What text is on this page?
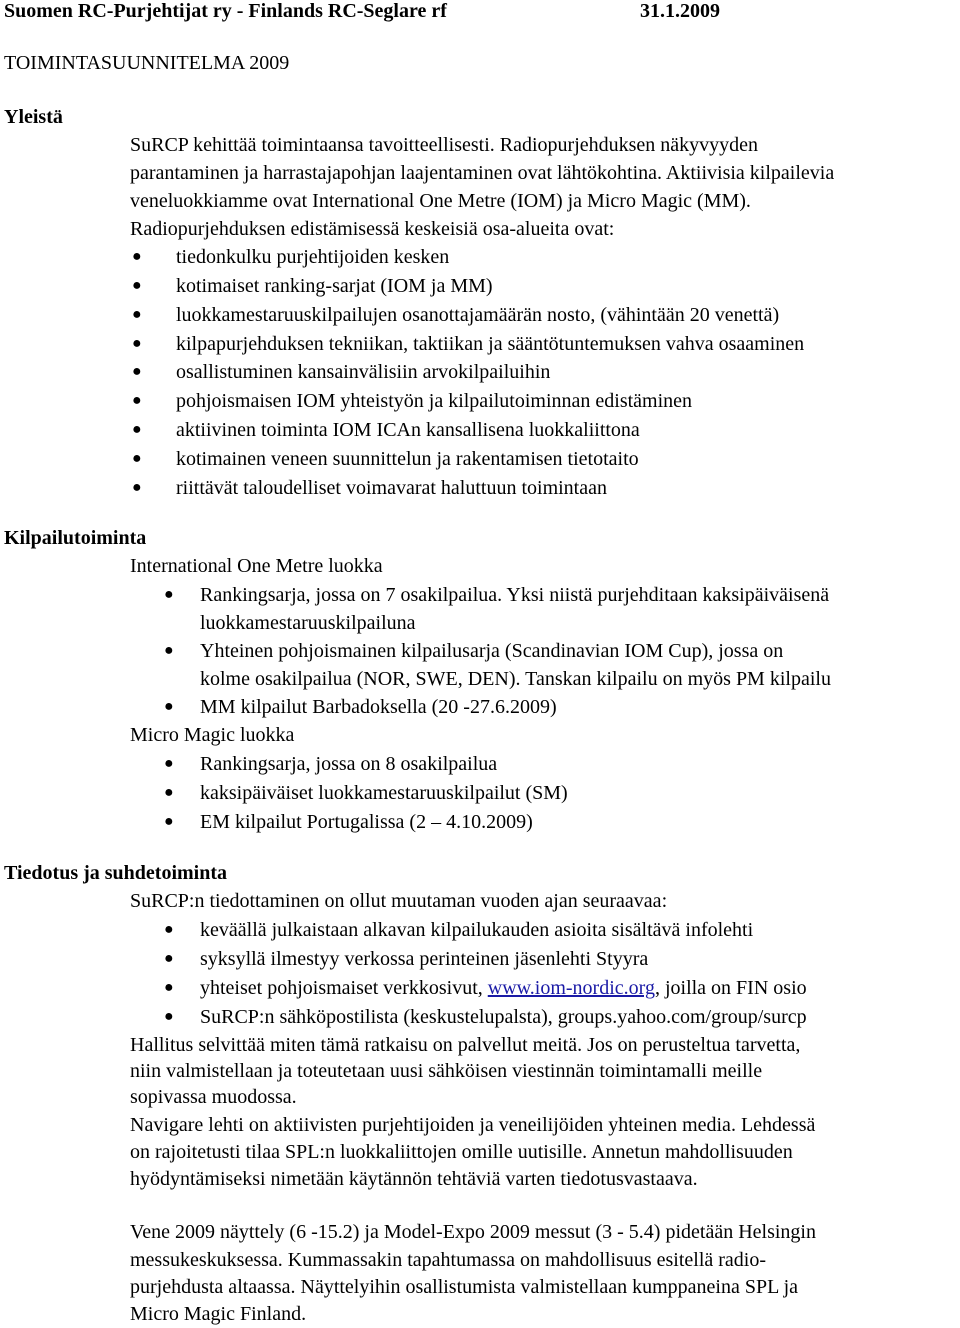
Suomen RC-Purjehtijat ry - Finlands RC-Seglare rf	31.1.2009
TOIMINTASUUNNITELMA 2009
Yleistä
SuRCP kehittää toimintaansa tavoitteellisesti. Radiopurjehduksen näkyvyyden
parantaminen ja harrastajapohjan laajentaminen ovat lähtökohtina. Aktiivisia kilpailevia
veneluokkiamme ovat International One Metre (IOM) ja Micro Magic (MM).
Radiopurjehduksen edistämisessä keskeisiä osa-alueita ovat:
● tiedonkulku purjehtijoiden kesken
● kotimaiset ranking-sarjat (IOM ja MM)
● luokkamestaruuskilpailujen osanottajamäärän nosto, (vähintään 20 venettä)
● kilpapurjehduksen tekniikan, taktiikan ja sääntötuntemuksen vahva osaaminen
● osallistuminen kansainvälisiin arvokilpailuihin
● pohjoismaisen IOM yhteistyön ja kilpailutoiminnan edistäminen
● aktiivinen toiminta IOM ICAn kansallisena luokkaliittona
● kotimainen veneen suunnittelun ja rakentamisen tietotaito
● riittävät taloudelliset voimavarat haluttuun toimintaan
Kilpailutoiminta
International One Metre luokka
● Rankingsarja, jossa on 7 osakilpailua. Yksi niistä purjehditaan kaksipäiväisenä
luokkamestaruuskilpailuna
● Yhteinen pohjoismainen kilpailusarja (Scandinavian IOM Cup), jossa on
kolme osakilpailua (NOR, SWE, DEN). Tanskan kilpailu on myös PM kilpailu
● MM kilpailut Barbadoksella (20 -27.6.2009)
Micro Magic luokka
● Rankingsarja, jossa on 8 osakilpailua
● kaksipäiväiset luokkamestaruuskilpailut (SM)
● EM kilpailut Portugalissa (2 – 4.10.2009)
Tiedotus ja suhdetoiminta
SuRCP:n tiedottaminen on ollut muutaman vuoden ajan seuraavaa:
● keväällä julkaistaan alkavan kilpailukauden asioita sisältävä infolehti
● syksyllä ilmestyy verkossa perinteinen jäsenlehti Styyra
● yhteiset pohjoismaiset verkkosivut, www.iom-nordic.org, joilla on FIN osio
● SuRCP:n sähköpostilista (keskustelupalsta), groups.yahoo.com/group/surcp
Hallitus selvittää miten tämä ratkaisu on palvellut meitä. Jos on perusteltua tarvetta,
niin valmistellaan ja toteutetaan uusi sähköisen viestinnän toimintamalli meille
sopivassa muodossa.
Navigare lehti on aktiivisten purjehtijoiden ja veneilijöiden yhteinen media. Lehdessä
on rajoitetusti tilaa SPL:n luokkaliittojen omille uutisille. Annetun mahdollisuuden
hyödyntämiseksi nimetään käytännön tehtäviä varten tiedotusvastaava.
Vene 2009 näyttely (6 -15.2) ja Model-Expo 2009 messut (3 - 5.4) pidetään Helsingin
messukeskuksessa. Kummassakin tapahtumassa on mahdollisuus esitellä radio-
purjehdusta altaassa. Näyttelyihin osallistumista valmistellaan kumppaneina SPL ja
Micro Magic Finland.
